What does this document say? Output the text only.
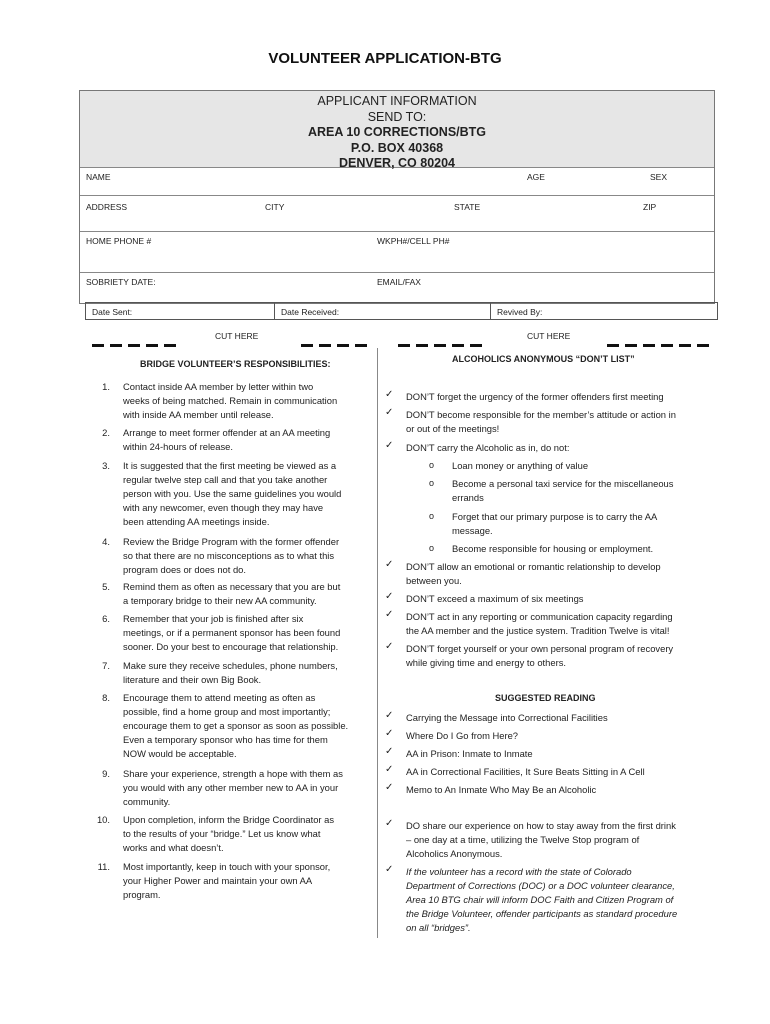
VOLUNTEER APPLICATION-BTG
APPLICANT INFORMATION
SEND TO:
AREA 10 CORRECTIONS/BTG
P.O. BOX 40368
DENVER, CO 80204
NAME	AGE	SEX
ADDRESS	CITY	STATE	ZIP
HOME PHONE #	WKPH#/CELL PH#
SOBRIETY DATE:	EMAIL/FAX
Date Sent:	Date Received:	Revived By:
CUT HERE	CUT HERE
BRIDGE VOLUNTEER’S RESPONSIBILITIES:	ALCOHOLICS ANONYMOUS “DON’T LIST”
1. Contact inside AA member by letter within two
weeks of being matched. Remain in communication
with inside AA member until release.
2. Arrange to meet former offender at an AA meeting
within 24-hours of release.
3. It is suggested that the first meeting be viewed as a
regular twelve step call and that you take another
person with you. Use the same guidelines you would
with any newcomer, even though they may have
been attending AA meetings inside.
4. Review the Bridge Program with the former offender
so that there are no misconceptions as to what this
program does or does not do.
5. Remind them as often as necessary that you are but
a temporary bridge to their new AA community.
6. Remember that your job is finished after six
meetings, or if a permanent sponsor has been found
sooner. Do your best to encourage that relationship.
7. Make sure they receive schedules, phone numbers,
literature and their own Big Book.
8. Encourage them to attend meeting as often as
possible, find a home group and most importantly;
encourage them to get a sponsor as soon as possible.
Even a temporary sponsor who has time for them
NOW would be acceptable.
9. Share your experience, strength a hope with them as
you would with any other member new to AA in your
community.
10. Upon completion, inform the Bridge Coordinator as
to the results of your “bridge.” Let us know what
works and what doesn’t.
11. Most importantly, keep in touch with your sponsor,
your Higher Power and maintain your own AA
program.
✓ DON’T forget the urgency of the former offenders first meeting
✓ DON’T become responsible for the member’s attitude or action in
or out of the meetings!
✓ DON’T carry the Alcoholic as in, do not:
o Loan money or anything of value
o Become a personal taxi service for the miscellaneous
errands
o Forget that our primary purpose is to carry the AA
message.
o Become responsible for housing or employment.
✓ DON’T allow an emotional or romantic relationship to develop
between you.
✓ DON’T exceed a maximum of six meetings
✓ DON’T act in any reporting or communication capacity regarding
the AA member and the justice system. Tradition Twelve is vital!
✓ DON’T forget yourself or your own personal program of recovery
while giving time and energy to others.
SUGGESTED READING
✓ Carrying the Message into Correctional Facilities
✓ Where Do I Go from Here?
✓ AA in Prison: Inmate to Inmate
✓ AA in Correctional Facilities, It Sure Beats Sitting in A Cell
✓ Memo to An Inmate Who May Be an Alcoholic
✓ DO share our experience on how to stay away from the first drink
– one day at a time, utilizing the Twelve Stop program of
Alcoholics Anonymous.
✓ If the volunteer has a record with the state of Colorado
Department of Corrections (DOC) or a DOC volunteer clearance,
Area 10 BTG chair will inform DOC Faith and Citizen Program of
the Bridge Volunteer, offender participants as standard procedure
on all “bridges”.
